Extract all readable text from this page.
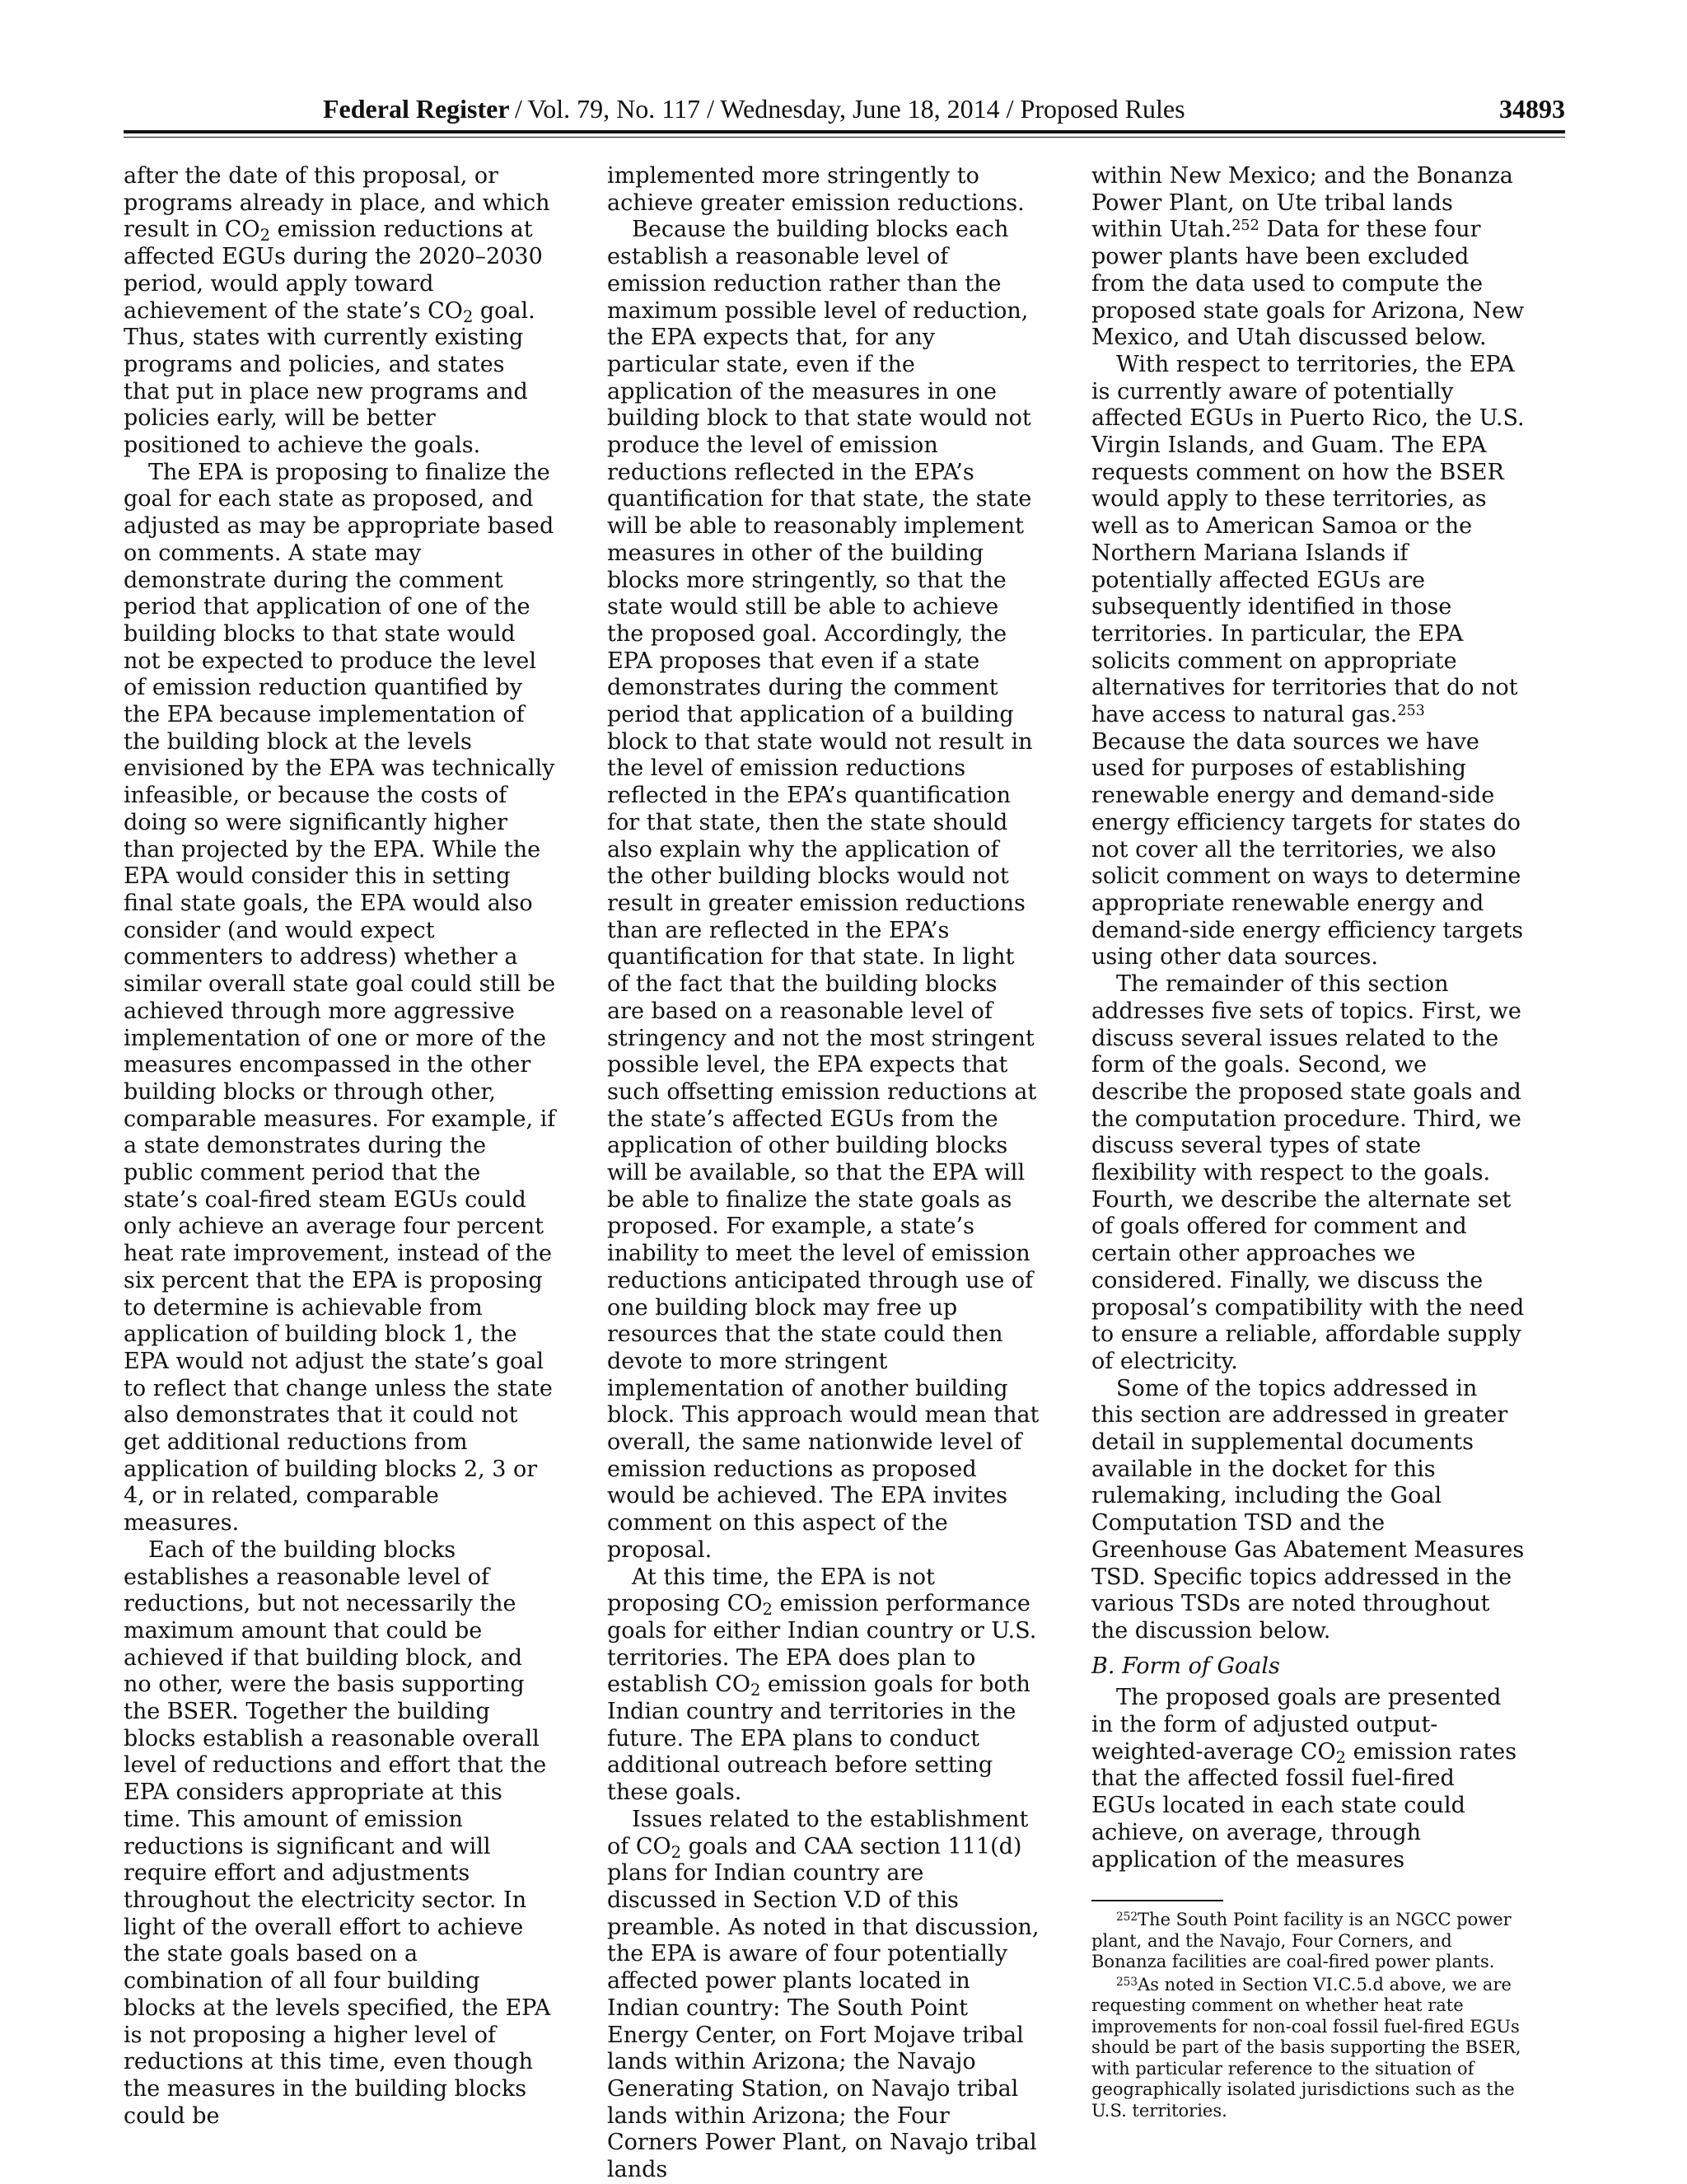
Federal Register / Vol. 79, No. 117 / Wednesday, June 18, 2014 / Proposed Rules	34893

after the date of this proposal, or programs already in place, and which result in $CO_2$ emission reductions at affected EGUs during the 2020–2030 period, would apply toward achievement of the state’s $CO_2$ goal. Thus, states with currently existing programs and policies, and states that put in place new programs and policies early, will be better positioned to achieve the goals.

The EPA is proposing to finalize the goal for each state as proposed, and adjusted as may be appropriate based on comments. A state may demonstrate during the comment period that application of one of the building blocks to that state would not be expected to produce the level of emission reduction quantified by the EPA because implementation of the building block at the levels envisioned by the EPA was technically infeasible, or because the costs of doing so were significantly higher than projected by the EPA. While the EPA would consider this in setting final state goals, the EPA would also consider (and would expect commenters to address) whether a similar overall state goal could still be achieved through more aggressive implementation of one or more of the measures encompassed in the other building blocks or through other, comparable measures. For example, if a state demonstrates during the public comment period that the state’s coal-fired steam EGUs could only achieve an average four percent heat rate improvement, instead of the six percent that the EPA is proposing to determine is achievable from application of building block 1, the EPA would not adjust the state’s goal to reflect that change unless the state also demonstrates that it could not get additional reductions from application of building blocks 2, 3 or 4, or in related, comparable measures.

Each of the building blocks establishes a reasonable level of reductions, but not necessarily the maximum amount that could be achieved if that building block, and no other, were the basis supporting the BSER. Together the building blocks establish a reasonable overall level of reductions and effort that the EPA considers appropriate at this time. This amount of emission reductions is significant and will require effort and adjustments throughout the electricity sector. In light of the overall effort to achieve the state goals based on a combination of all four building blocks at the levels specified, the EPA is not proposing a higher level of reductions at this time, even though the measures in the building blocks could be

implemented more stringently to achieve greater emission reductions.

Because the building blocks each establish a reasonable level of emission reduction rather than the maximum possible level of reduction, the EPA expects that, for any particular state, even if the application of the measures in one building block to that state would not produce the level of emission reductions reflected in the EPA’s quantification for that state, the state will be able to reasonably implement measures in other of the building blocks more stringently, so that the state would still be able to achieve the proposed goal. Accordingly, the EPA proposes that even if a state demonstrates during the comment period that application of a building block to that state would not result in the level of emission reductions reflected in the EPA’s quantification for that state, then the state should also explain why the application of the other building blocks would not result in greater emission reductions than are reflected in the EPA’s quantification for that state. In light of the fact that the building blocks are based on a reasonable level of stringency and not the most stringent possible level, the EPA expects that such offsetting emission reductions at the state’s affected EGUs from the application of other building blocks will be available, so that the EPA will be able to finalize the state goals as proposed. For example, a state’s inability to meet the level of emission reductions anticipated through use of one building block may free up resources that the state could then devote to more stringent implementation of another building block. This approach would mean that overall, the same nationwide level of emission reductions as proposed would be achieved. The EPA invites comment on this aspect of the proposal.

At this time, the EPA is not proposing $CO_2$ emission performance goals for either Indian country or U.S. territories. The EPA does plan to establish $CO_2$ emission goals for both Indian country and territories in the future. The EPA plans to conduct additional outreach before setting these goals.

Issues related to the establishment of $CO_2$ goals and CAA section 111(d) plans for Indian country are discussed in Section V.D of this preamble. As noted in that discussion, the EPA is aware of four potentially affected power plants located in Indian country: The South Point Energy Center, on Fort Mojave tribal lands within Arizona; the Navajo Generating Station, on Navajo tribal lands within Arizona; the Four Corners Power Plant, on Navajo tribal lands

within New Mexico; and the Bonanza Power Plant, on Ute tribal lands within Utah.$^{252}$ Data for these four power plants have been excluded from the data used to compute the proposed state goals for Arizona, New Mexico, and Utah discussed below.

With respect to territories, the EPA is currently aware of potentially affected EGUs in Puerto Rico, the U.S. Virgin Islands, and Guam. The EPA requests comment on how the BSER would apply to these territories, as well as to American Samoa or the Northern Mariana Islands if potentially affected EGUs are subsequently identified in those territories. In particular, the EPA solicits comment on appropriate alternatives for territories that do not have access to natural gas.$^{253}$ Because the data sources we have used for purposes of establishing renewable energy and demand-side energy efficiency targets for states do not cover all the territories, we also solicit comment on ways to determine appropriate renewable energy and demand-side energy efficiency targets using other data sources.

The remainder of this section addresses five sets of topics. First, we discuss several issues related to the form of the goals. Second, we describe the proposed state goals and the computation procedure. Third, we discuss several types of state flexibility with respect to the goals. Fourth, we describe the alternate set of goals offered for comment and certain other approaches we considered. Finally, we discuss the proposal’s compatibility with the need to ensure a reliable, affordable supply of electricity.

Some of the topics addressed in this section are addressed in greater detail in supplemental documents available in the docket for this rulemaking, including the Goal Computation TSD and the Greenhouse Gas Abatement Measures TSD. Specific topics addressed in the various TSDs are noted throughout the discussion below.

B. Form of Goals

The proposed goals are presented in the form of adjusted output-weighted-average $CO_2$ emission rates that the affected fossil fuel-fired EGUs located in each state could achieve, on average, through application of the measures

$^{252}$The South Point facility is an NGCC power plant, and the Navajo, Four Corners, and Bonanza facilities are coal-fired power plants.

$^{253}$As noted in Section VI.C.5.d above, we are requesting comment on whether heat rate improvements for non-coal fossil fuel-fired EGUs should be part of the basis supporting the BSER, with particular reference to the situation of geographically isolated jurisdictions such as the U.S. territories.
